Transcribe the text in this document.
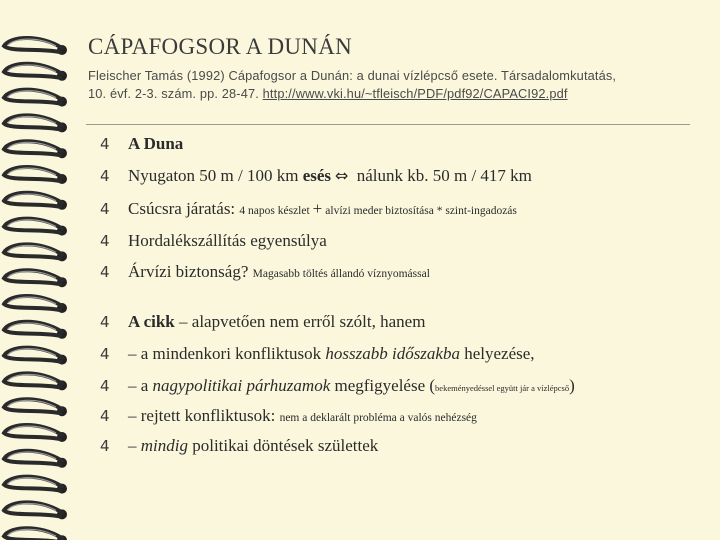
CÁPAFOGSOR A DUNÁN
Fleischer Tamás (1992) Cápafogsor a Dunán: a dunai vízlépcső esete. Társadalomkutatás,
10. évf. 2-3. szám. pp. 28-47. http://www.vki.hu/~tfleisch/PDF/pdf92/CAPACI92.pdf
4 A Duna
4 Nyugaton 50 m / 100 km esés ⇔ nálunk kb. 50 m / 417 km
4 Csúcsra járatás: 4 napos készlet + alvízi meder biztosítása * szint-ingadozás
4 Hordalékszállítás egyensúlya
4 Árvízi biztonság? Magasabb töltés állandó víznyomással
4 A cikk – alapvetően nem erről szólt, hanem
4 – a mindenkori konfliktusok hosszabb időszakba helyezése,
4 – a nagypolitikai párhuzamok megfigyelése (bekeményedéssel együtt jár a vízlépcső)
4 – rejtett konfliktusok: nem a deklarált probléma a valós nehézség
4 – mindig politikai döntések születtek
